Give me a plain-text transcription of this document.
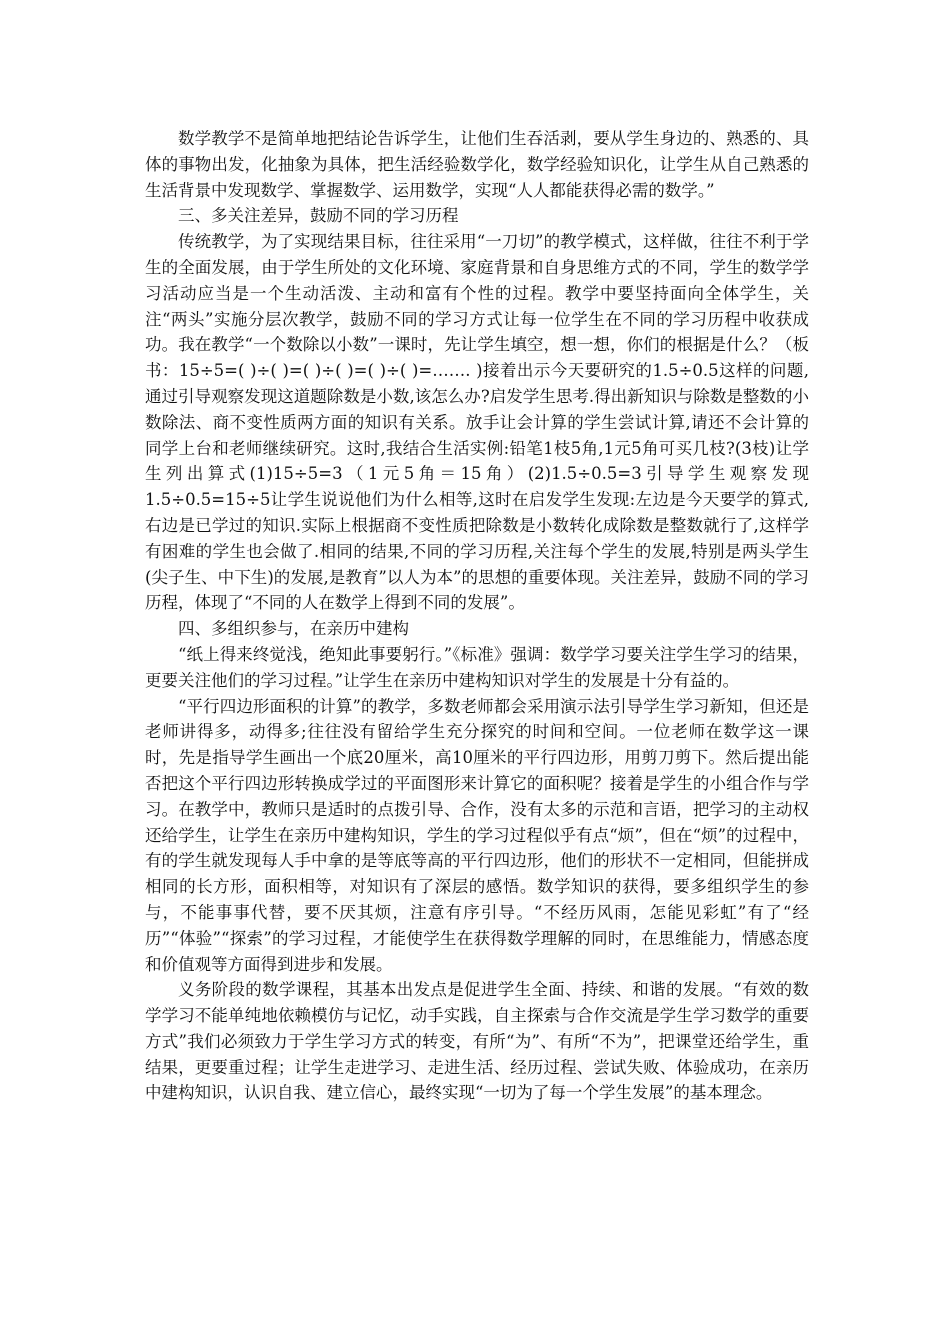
数学教学不是简单地把结论告诉学生，让他们生吞活剥，要从学生身边的、熟悉的、具体的事物出发，化抽象为具体，把生活经验数学化，数学经验知识化，让学生从自己熟悉的生活背景中发现数学、掌握数学、运用数学，实现“人人都能获得必需的数学。”

三、多关注差异，鼓励不同的学习历程

传统教学，为了实现结果目标，往往采用“一刀切”的教学模式，这样做，往往不利于学生的全面发展，由于学生所处的文化环境、家庭背景和自身思维方式的不同，学生的数学学习活动应当是一个生动活泼、主动和富有个性的过程。教学中要坚持面向全体学生，关注“两头”实施分层次教学，鼓励不同的学习方式让每一位学生在不同的学习历程中收获成功。我在教学“一个数除以小数”一课时，先让学生填空，想一想，你们的根据是什么？（板书：15÷5=( )÷( )=( )÷( )=( )÷( )=……. )接着出示今天要研究的1.5÷0.5这样的问题,通过引导观察发现这道题除数是小数,该怎么办?启发学生思考.得出新知识与除数是整数的小数除法、商不变性质两方面的知识有关系。放手让会计算的学生尝试计算,请还不会计算的同学上台和老师继续研究。这时,我结合生活实例:铅笔1枝5角,1元5角可买几枝?(3枝)让学生列出算式(1)15÷5=3（1元5角＝15角）(2)1.5÷0.5=3引导学生观察发现1.5÷0.5=15÷5让学生说说他们为什么相等,这时在启发学生发现:左边是今天要学的算式,右边是已学过的知识.实际上根据商不变性质把除数是小数转化成除数是整数就行了,这样学有困难的学生也会做了.相同的结果,不同的学习历程,关注每个学生的发展,特别是两头学生(尖子生、中下生)的发展,是教育”以人为本”的思想的重要体现。关注差异，鼓励不同的学习历程，体现了“不同的人在数学上得到不同的发展”。

四、多组织参与，在亲历中建构

“纸上得来终觉浅，绝知此事要躬行。”《标准》强调：数学学习要关注学生学习的结果，更要关注他们的学习过程。”让学生在亲历中建构知识对学生的发展是十分有益的。

“平行四边形面积的计算”的教学，多数老师都会采用演示法引导学生学习新知，但还是老师讲得多，动得多;往往没有留给学生充分探究的时间和空间。一位老师在数学这一课时，先是指导学生画出一个底20厘米，高10厘米的平行四边形，用剪刀剪下。然后提出能否把这个平行四边形转换成学过的平面图形来计算它的面积呢？接着是学生的小组合作与学习。在教学中，教师只是适时的点拨引导、合作，没有太多的示范和言语，把学习的主动权还给学生，让学生在亲历中建构知识，学生的学习过程似乎有点“烦”，但在“烦”的过程中，有的学生就发现每人手中拿的是等底等高的平行四边形，他们的形状不一定相同，但能拼成相同的长方形，面积相等，对知识有了深层的感悟。数学知识的获得，要多组织学生的参与，不能事事代替，要不厌其烦，注意有序引导。“不经历风雨，怎能见彩虹”有了“经历”“体验”“探索”的学习过程，才能使学生在获得数学理解的同时，在思维能力，情感态度和价值观等方面得到进步和发展。

义务阶段的数学课程，其基本出发点是促进学生全面、持续、和谐的发展。“有效的数学学习不能单纯地依赖模仿与记忆，动手实践，自主探索与合作交流是学生学习数学的重要方式”我们必须致力于学生学习方式的转变，有所“为”、有所“不为”，把课堂还给学生，重结果，更要重过程；让学生走进学习、走进生活、经历过程、尝试失败、体验成功，在亲历中建构知识，认识自我、建立信心，最终实现“一切为了每一个学生发展”的基本理念。
